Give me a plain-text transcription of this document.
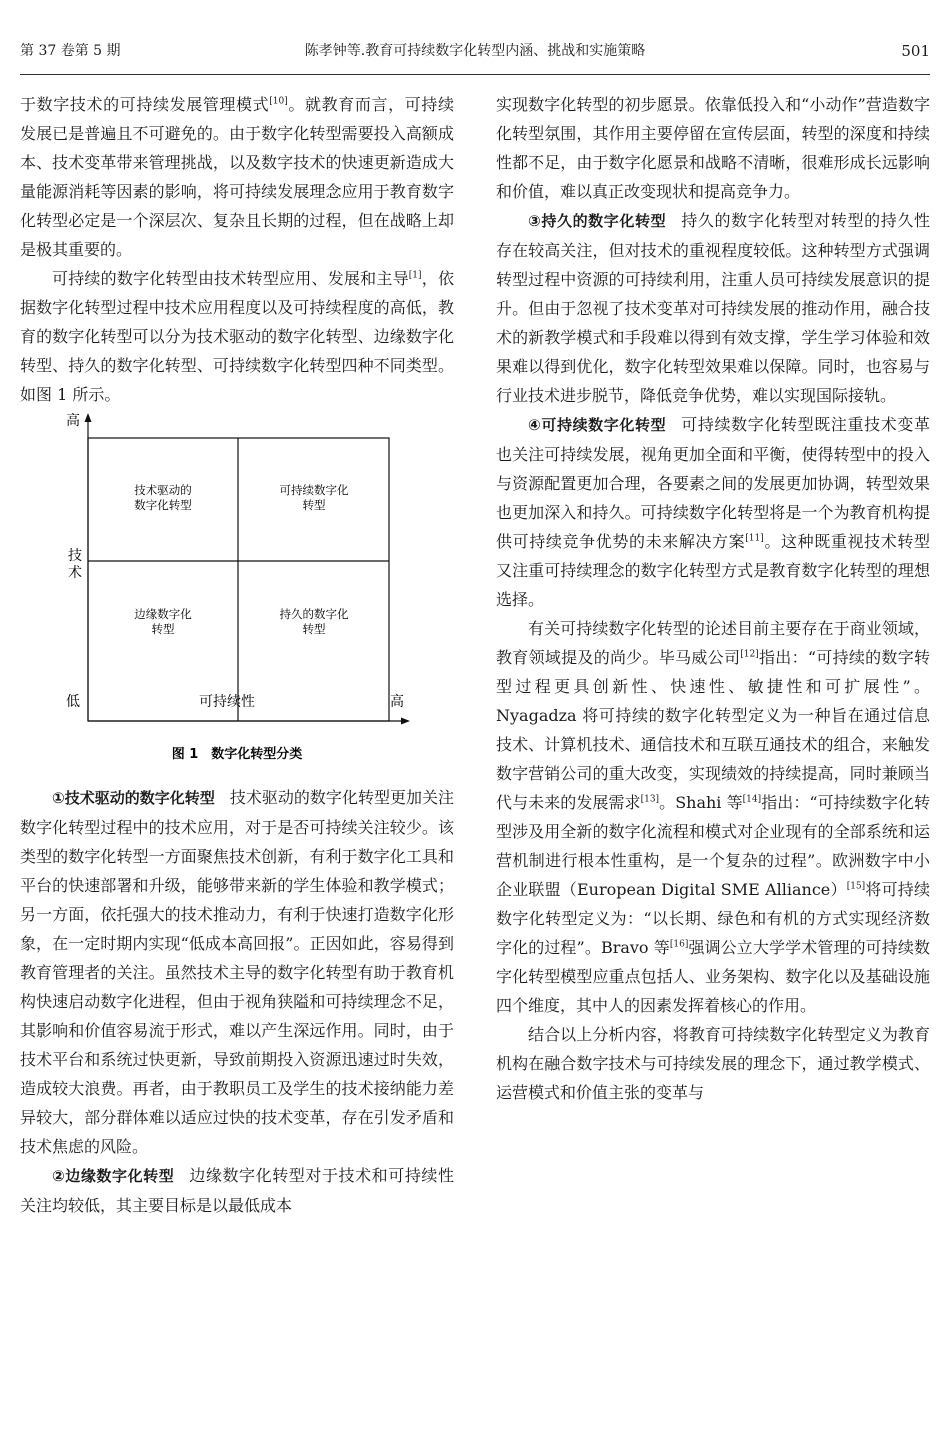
第 37 卷第 5 期	陈孝钟等.教育可持续数字化转型内涵、挑战和实施策略	501

于数字技术的可持续发展管理模式[10]。就教育而言，可持续发展已是普遍且不可避免的。由于数字化转型需要投入高额成本、技术变革带来管理挑战，以及数字技术的快速更新造成大量能源消耗等因素的影响，将可持续发展理念应用于教育数字化转型必定是一个深层次、复杂且长期的过程，但在战略上却是极其重要的。

可持续的数字化转型由技术转型应用、发展和主导[1]，依据数字化转型过程中技术应用程度以及可持续程度的高低，教育的数字化转型可以分为技术驱动的数字化转型、边缘数字化转型、持久的数字化转型、可持续数字化转型四种不同类型。如图 1 所示。

高
技
术
低	可持续性	高
技术驱动的
数字化转型
可持续数字化
转型
边缘数字化
转型
持久的数字化
转型
图 1　数字化转型分类

①技术驱动的数字化转型 技术驱动的数字化转型更加关注数字化转型过程中的技术应用，对于是否可持续关注较少。该类型的数字化转型一方面聚焦技术创新，有利于数字化工具和平台的快速部署和升级，能够带来新的学生体验和教学模式；另一方面，依托强大的技术推动力，有利于快速打造数字化形象，在一定时期内实现“低成本高回报”。正因如此，容易得到教育管理者的关注。虽然技术主导的数字化转型有助于教育机构快速启动数字化进程，但由于视角狭隘和可持续理念不足，其影响和价值容易流于形式，难以产生深远作用。同时，由于技术平台和系统过快更新，导致前期投入资源迅速过时失效，造成较大浪费。再者，由于教职员工及学生的技术接纳能力差异较大，部分群体难以适应过快的技术变革，存在引发矛盾和技术焦虑的风险。

②边缘数字化转型 边缘数字化转型对于技术和可持续性关注均较低，其主要目标是以最低成本

实现数字化转型的初步愿景。依靠低投入和“小动作”营造数字化转型氛围，其作用主要停留在宣传层面，转型的深度和持续性都不足，由于数字化愿景和战略不清晰，很难形成长远影响和价值，难以真正改变现状和提高竞争力。

③持久的数字化转型 持久的数字化转型对转型的持久性存在较高关注，但对技术的重视程度较低。这种转型方式强调转型过程中资源的可持续利用，注重人员可持续发展意识的提升。但由于忽视了技术变革对可持续发展的推动作用，融合技术的新教学模式和手段难以得到有效支撑，学生学习体验和效果难以得到优化，数字化转型效果难以保障。同时，也容易与行业技术进步脱节，降低竞争优势，难以实现国际接轨。

④可持续数字化转型 可持续数字化转型既注重技术变革也关注可持续发展，视角更加全面和平衡，使得转型中的投入与资源配置更加合理，各要素之间的发展更加协调，转型效果也更加深入和持久。可持续数字化转型将是一个为教育机构提供可持续竞争优势的未来解决方案[11]。这种既重视技术转型又注重可持续理念的数字化转型方式是教育数字化转型的理想选择。

有关可持续数字化转型的论述目前主要存在于商业领域，教育领域提及的尚少。毕马威公司[12]指出：“可持续的数字转型过程更具创新性、快速性、敏捷性和可扩展性”。Nyagadza 将可持续的数字化转型定义为一种旨在通过信息技术、计算机技术、通信技术和互联互通技术的组合，来触发数字营销公司的重大改变，实现绩效的持续提高，同时兼顾当代与未来的发展需求[13]。Shahi 等[14]指出：“可持续数字化转型涉及用全新的数字化流程和模式对企业现有的全部系统和运营机制进行根本性重构，是一个复杂的过程”。欧洲数字中小企业联盟（European Digital SME Alliance）[15]将可持续数字化转型定义为：“以长期、绿色和有机的方式实现经济数字化的过程”。Bravo 等[16]强调公立大学学术管理的可持续数字化转型模型应重点包括人、业务架构、数字化以及基础设施四个维度，其中人的因素发挥着核心的作用。

结合以上分析内容，将教育可持续数字化转型定义为教育机构在融合数字技术与可持续发展的理念下，通过教学模式、运营模式和价值主张的变革与
